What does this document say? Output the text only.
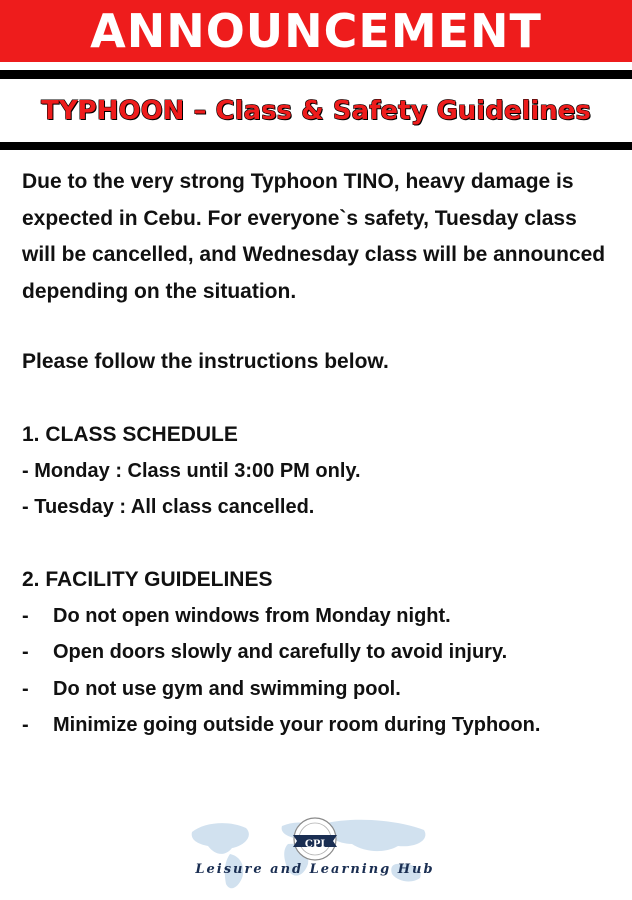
ANNOUNCEMENT
TYPHOON – Class & Safety Guidelines

Due to the very strong Typhoon TINO, heavy damage is expected in Cebu. For everyone`s safety, Tuesday class will be cancelled, and Wednesday class will be announced depending on the situation.

Please follow the instructions below.

1. CLASS SCHEDULE

- Monday : Class until 3:00 PM only.

- Tuesday : All class cancelled.

2. FACILITY GUIDELINES

-	Do not open windows from Monday night.
-	Open doors slowly and carefully to avoid injury.
-	Do not use gym and swimming pool.
-	Minimize going outside your room during Typhoon.
CPI
Leisure and Learning Hub
